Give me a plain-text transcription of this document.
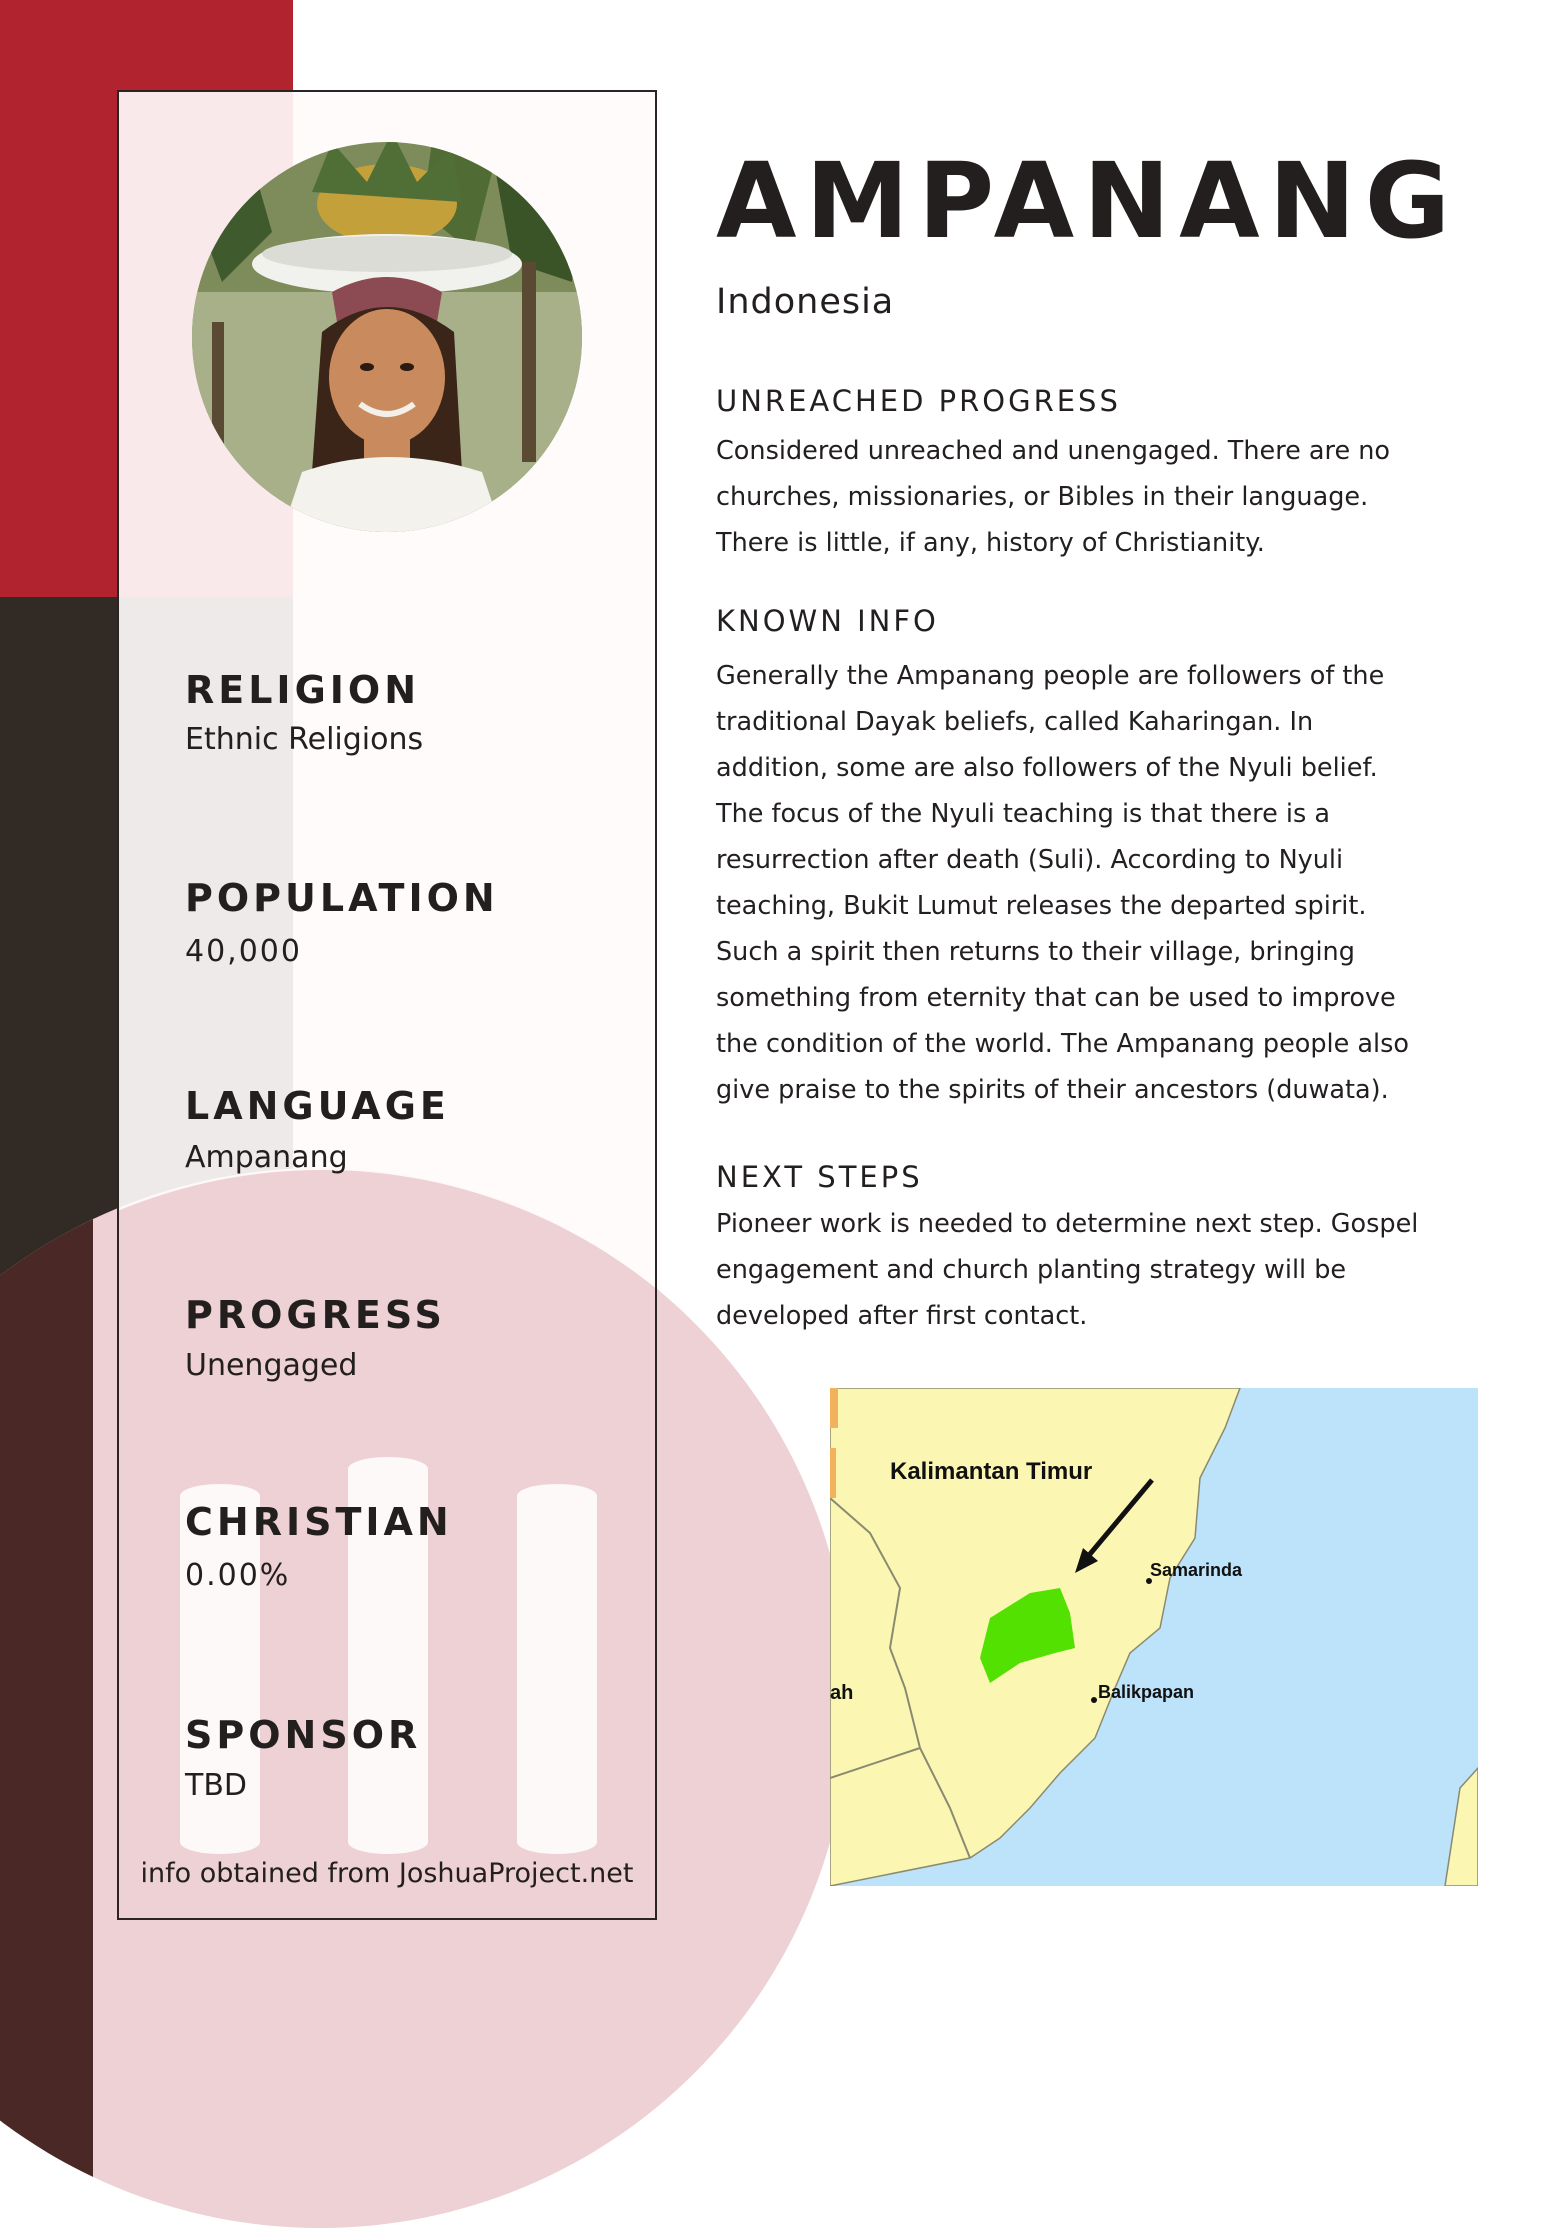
RELIGION
Ethnic Religions
POPULATION
40,000
LANGUAGE
Ampanang
PROGRESS
Unengaged
CHRISTIAN
0.00%
SPONSOR
TBD
info obtained from JoshuaProject.net
AMPANANG
Indonesia
UNREACHED PROGRESS
Considered unreached and unengaged. There are no
churches, missionaries, or Bibles in their language.
There is little, if any, history of Christianity.
KNOWN INFO
Generally the Ampanang people are followers of the
traditional Dayak beliefs, called Kaharingan. In
addition, some are also followers of the Nyuli belief.
The focus of the Nyuli teaching is that there is a
resurrection after death (Suli). According to Nyuli
teaching, Bukit Lumut releases the departed spirit.
Such a spirit then returns to their village, bringing
something from eternity that can be used to improve
the condition of the world. The Ampanang people also
give praise to the spirits of their ancestors (duwata).
NEXT STEPS
Pioneer work is needed to determine next step. Gospel
engagement and church planting strategy will be
developed after first contact.
Kalimantan Timur
Samarinda
Balikpapan
ah
